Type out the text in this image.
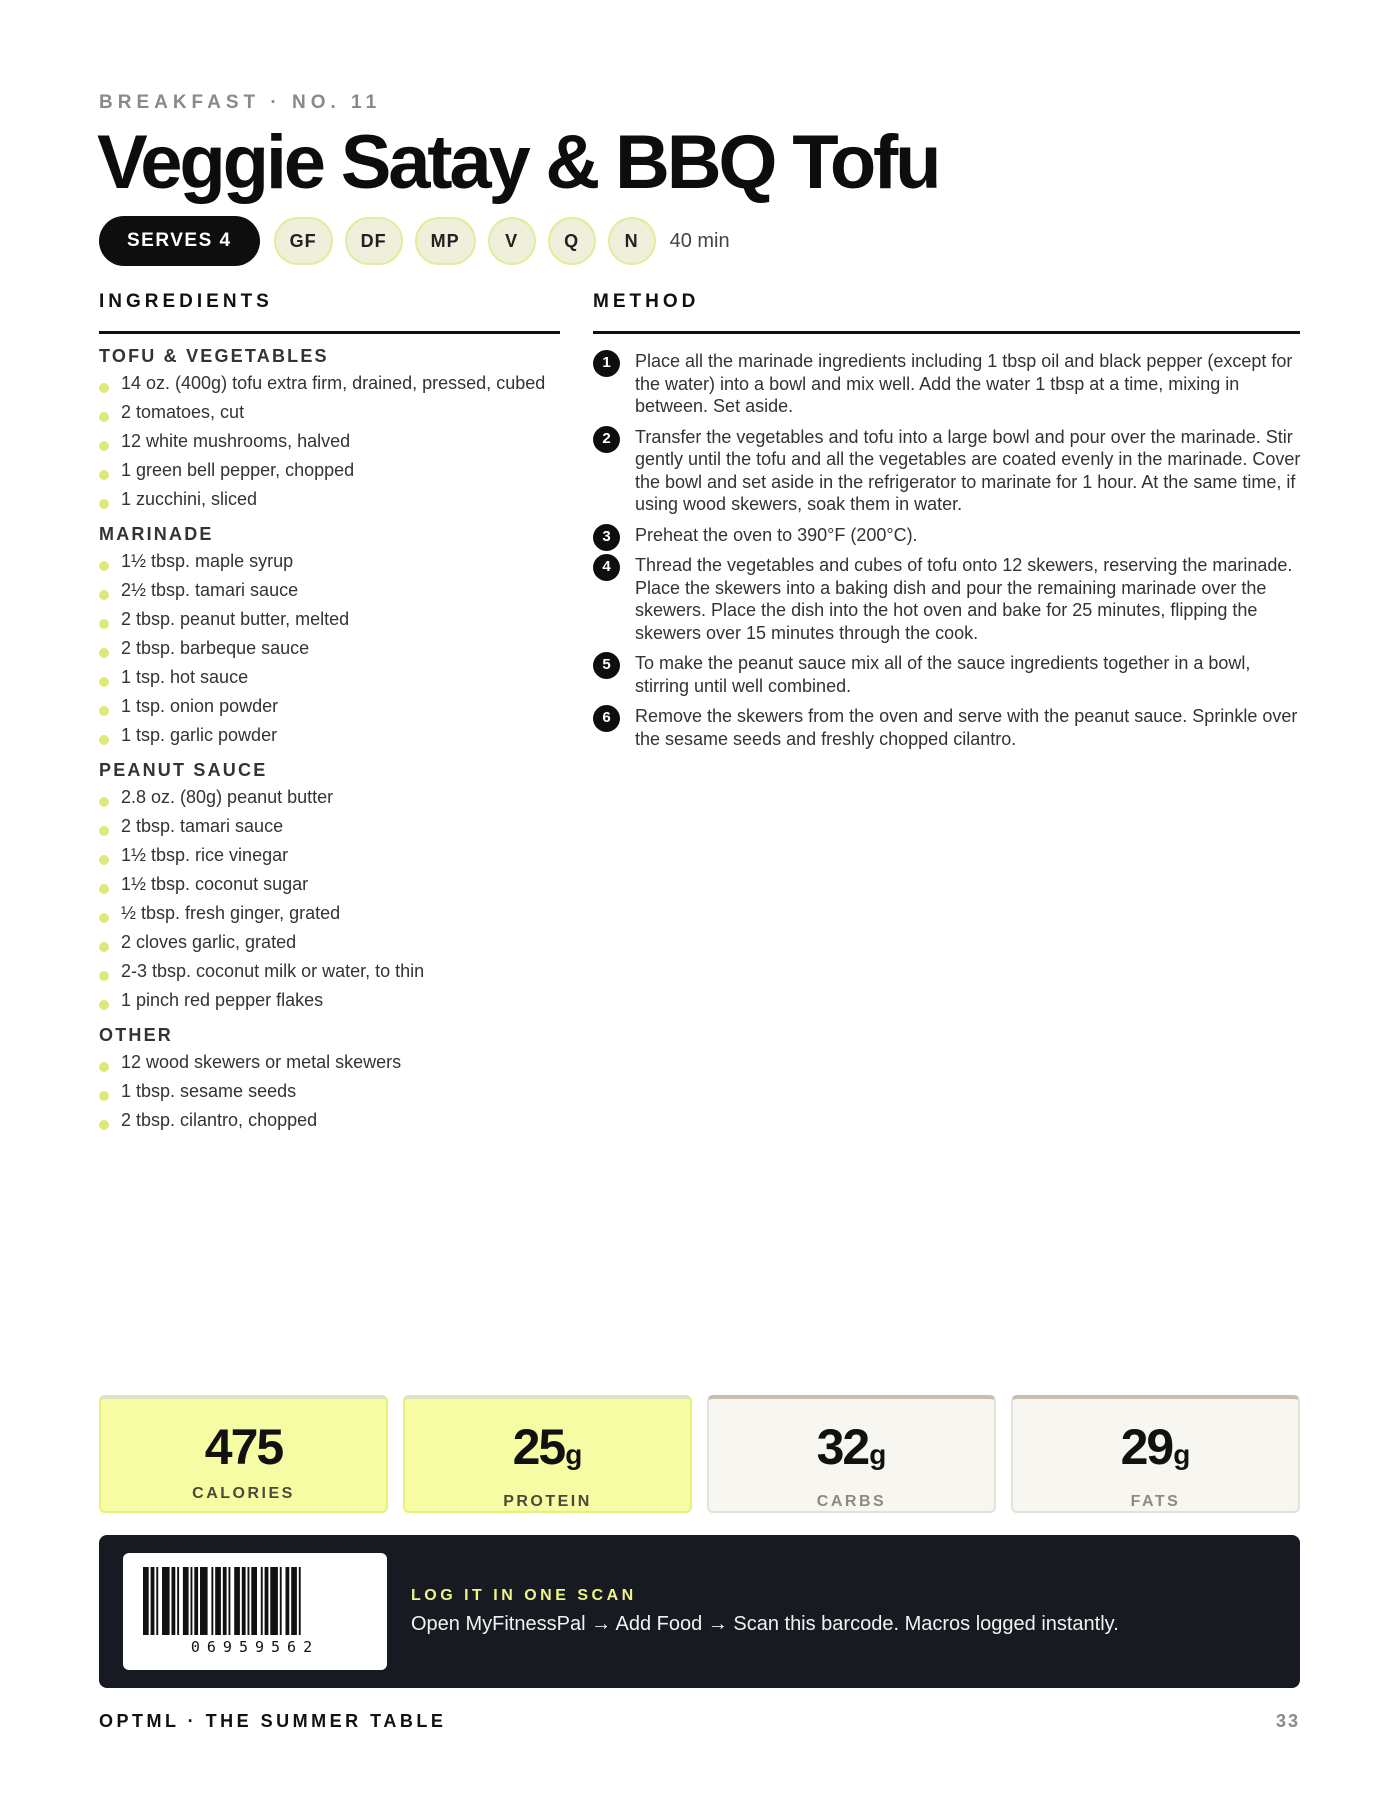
BREAKFAST · NO. 11
Veggie Satay & BBQ Tofu
SERVES 4	GF	DF	MP	V	Q	N	40 min
INGREDIENTS	METHOD
TOFU & VEGETABLES
14 oz. (400g) tofu extra firm, drained, pressed, cubed
2 tomatoes, cut
12 white mushrooms, halved
1 green bell pepper, chopped
1 zucchini, sliced
MARINADE
1½ tbsp. maple syrup
2½ tbsp. tamari sauce
2 tbsp. peanut butter, melted
2 tbsp. barbeque sauce
1 tsp. hot sauce
1 tsp. onion powder
1 tsp. garlic powder
PEANUT SAUCE
2.8 oz. (80g) peanut butter
2 tbsp. tamari sauce
1½ tbsp. rice vinegar
1½ tbsp. coconut sugar
½ tbsp. fresh ginger, grated
2 cloves garlic, grated
2-3 tbsp. coconut milk or water, to thin
1 pinch red pepper flakes
OTHER
12 wood skewers or metal skewers
1 tbsp. sesame seeds
2 tbsp. cilantro, chopped
1	Place all the marinade ingredients including 1 tbsp oil and black pepper (except for the water) into a bowl and mix well. Add the water 1 tbsp at a time, mixing in between. Set aside.
2	Transfer the vegetables and tofu into a large bowl and pour over the marinade. Stir gently until the tofu and all the vegetables are coated evenly in the marinade. Cover the bowl and set aside in the refrigerator to marinate for 1 hour. At the same time, if using wood skewers, soak them in water.
3	Preheat the oven to 390°F (200°C).
4	Thread the vegetables and cubes of tofu onto 12 skewers, reserving the marinade. Place the skewers into a baking dish and pour the remaining marinade over the skewers. Place the dish into the hot oven and bake for 25 minutes, flipping the skewers over 15 minutes through the cook.
5	To make the peanut sauce mix all of the sauce ingredients together in a bowl, stirring until well combined.
6	Remove the skewers from the oven and serve with the peanut sauce. Sprinkle over the sesame seeds and freshly chopped cilantro.
475
CALORIES
25g
PROTEIN
32g
CARBS
29g
FATS
06959562
LOG IT IN ONE SCAN
Open MyFitnessPal → Add Food → Scan this barcode. Macros logged instantly.
OPTML · THE SUMMER TABLE	33
